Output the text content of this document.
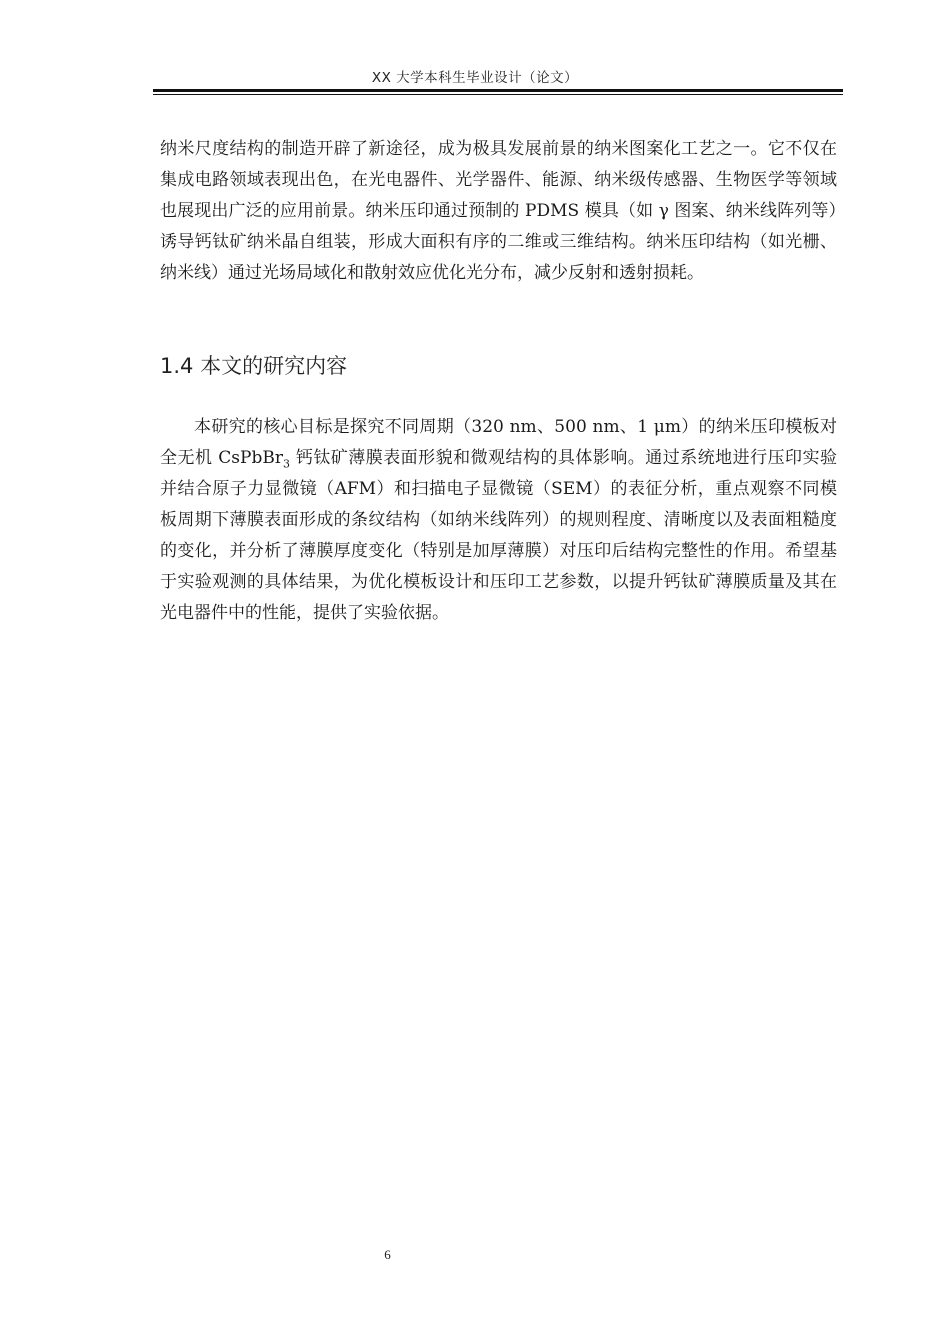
XX 大学本科生毕业设计（论文）

纳米尺度结构的制造开辟了新途径，成为极具发展前景的纳米图案化工艺之一。它不仅在集成电路领域表现出色，在光电器件、光学器件、能源、纳米级传感器、生物医学等领域也展现出广泛的应用前景。纳米压印通过预制的 PDMS 模具（如 γ 图案、纳米线阵列等）诱导钙钛矿纳米晶自组装，形成大面积有序的二维或三维结构。纳米压印结构（如光栅、纳米线）通过光场局域化和散射效应优化光分布，减少反射和透射损耗。

1.4 本文的研究内容

本研究的核心目标是探究不同周期（320 nm、500 nm、1 μm）的纳米压印模板对全无机 CsPbBr$_3$ 钙钛矿薄膜表面形貌和微观结构的具体影响。通过系统地进行压印实验并结合原子力显微镜（AFM）和扫描电子显微镜（SEM）的表征分析，重点观察不同模板周期下薄膜表面形成的条纹结构（如纳米线阵列）的规则程度、清晰度以及表面粗糙度的变化，并分析了薄膜厚度变化（特别是加厚薄膜）对压印后结构完整性的作用。希望基于实验观测的具体结果，为优化模板设计和压印工艺参数，以提升钙钛矿薄膜质量及其在光电器件中的性能，提供了实验依据。

6
